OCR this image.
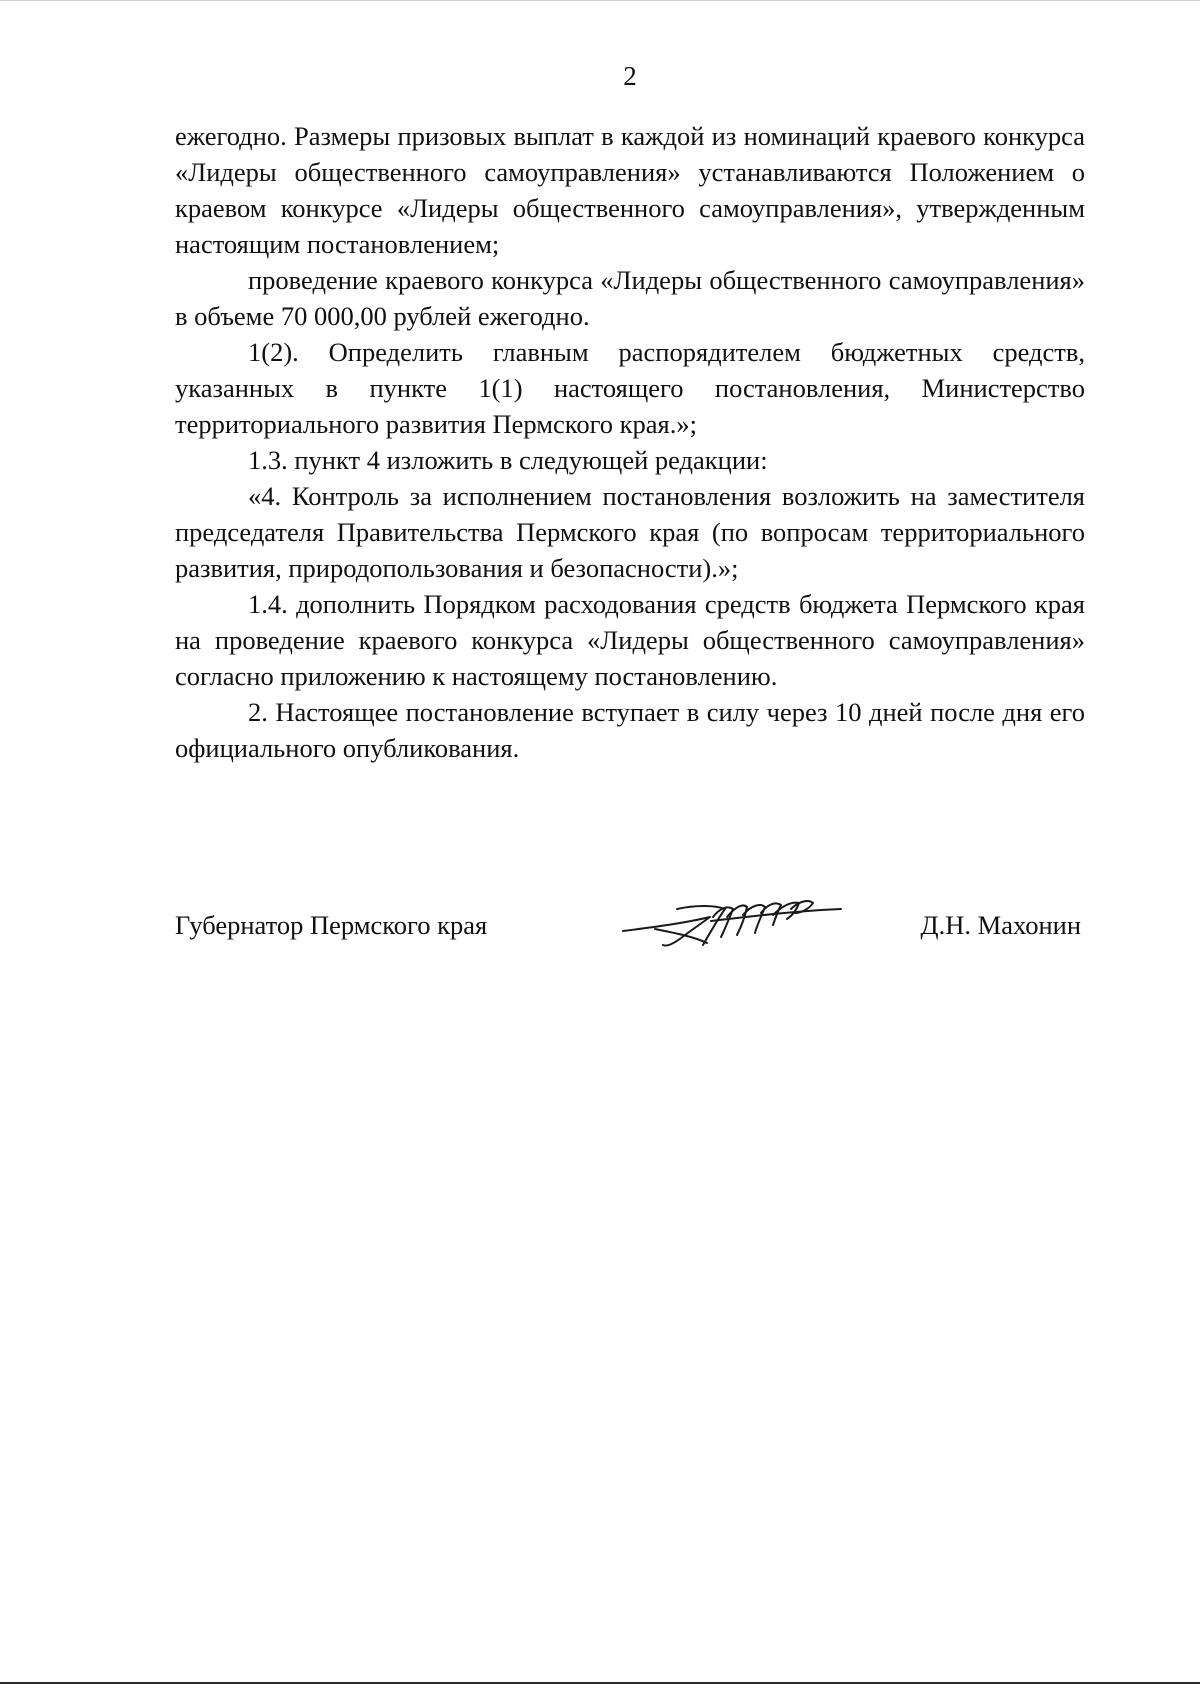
2

ежегодно. Размеры призовых выплат в каждой из номинаций краевого конкурса «Лидеры общественного самоуправления» устанавливаются Положением о краевом конкурсе «Лидеры общественного самоуправления», утвержденным настоящим постановлением;

проведение краевого конкурса «Лидеры общественного самоуправления» в объеме 70 000,00 рублей ежегодно.

1(2). Определить главным распорядителем бюджетных средств, указанных в пункте 1(1) настоящего постановления, Министерство территориального развития Пермского края.»;

1.3. пункт 4 изложить в следующей редакции:

«4. Контроль за исполнением постановления возложить на заместителя председателя Правительства Пермского края (по вопросам территориального развития, природопользования и безопасности).»;

1.4. дополнить Порядком расходования средств бюджета Пермского края на проведение краевого конкурса «Лидеры общественного самоуправления» согласно приложению к настоящему постановлению.

2. Настоящее постановление вступает в силу через 10 дней после дня его официального опубликования.

Губернатор Пермского края	Д.Н. Махонин
